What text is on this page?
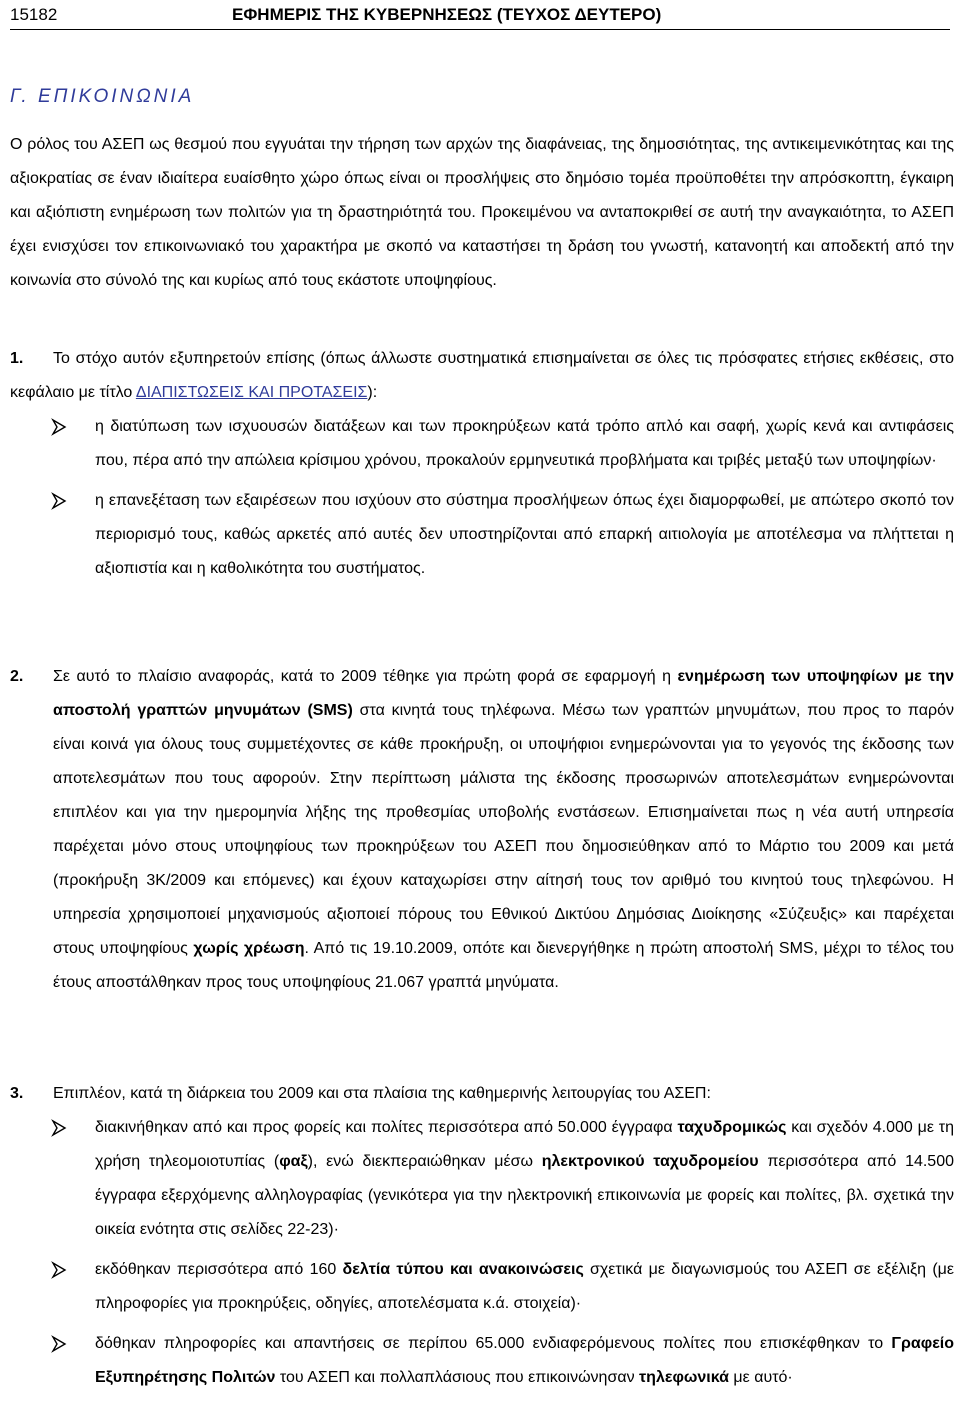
15182	ΕΦΗΜΕΡΙΣ ΤΗΣ ΚΥΒΕΡΝΗΣΕΩΣ (ΤΕΥΧΟΣ ΔΕΥΤΕΡΟ)
Γ. ΕΠΙΚΟΙΝΩΝΙΑ
Ο ρόλος του ΑΣΕΠ ως θεσμού που εγγυάται την τήρηση των αρχών της διαφάνειας, της δημοσιότητας, της αντικειμενικότητας και της αξιοκρατίας σε έναν ιδιαίτερα ευαίσθητο χώρο όπως είναι οι προσλήψεις στο δημόσιο τομέα προϋποθέτει την απρόσκοπτη, έγκαιρη και αξιόπιστη ενημέρωση των πολιτών για τη δραστηριότητά του. Προκειμένου να ανταποκριθεί σε αυτή την αναγκαιότητα, το ΑΣΕΠ έχει ενισχύσει τον επικοινωνιακό του χαρακτήρα με σκοπό να καταστήσει τη δράση του γνωστή, κατανοητή και αποδεκτή από την κοινωνία στο σύνολό της και κυρίως από τους εκάστοτε υποψηφίους.
1.	Το στόχο αυτόν εξυπηρετούν επίσης (όπως άλλωστε συστηματικά επισημαίνεται σε όλες τις πρόσφατες ετήσιες εκθέσεις, στο κεφάλαιο με τίτλο ΔΙΑΠΙΣΤΩΣΕΙΣ ΚΑΙ ΠΡΟΤΑΣΕΙΣ):
η διατύπωση των ισχυουσών διατάξεων και των προκηρύξεων κατά τρόπο απλό και σαφή, χωρίς κενά και αντιφάσεις που, πέρα από την απώλεια κρίσιμου χρόνου, προκαλούν ερμηνευτικά προβλήματα και τριβές μεταξύ των υποψηφίων·
η επανεξέταση των εξαιρέσεων που ισχύουν στο σύστημα προσλήψεων όπως έχει διαμορφωθεί, με απώτερο σκοπό τον περιορισμό τους, καθώς αρκετές από αυτές δεν υποστηρίζονται από επαρκή αιτιολογία με αποτέλεσμα να πλήττεται η αξιοπιστία και η καθολικότητα του συστήματος.
2. Σε αυτό το πλαίσιο αναφοράς, κατά το 2009 τέθηκε για πρώτη φορά σε εφαρμογή η ενημέρωση των υποψηφίων με την αποστολή γραπτών μηνυμάτων (SMS) στα κινητά τους τηλέφωνα. Μέσω των γραπτών μηνυμάτων, που προς το παρόν είναι κοινά για όλους τους συμμετέχοντες σε κάθε προκήρυξη, οι υποψήφιοι ενημερώνονται για το γεγονός της έκδοσης των αποτελεσμάτων που τους αφορούν. Στην περίπτωση μάλιστα της έκδοσης προσωρινών αποτελεσμάτων ενημερώνονται επιπλέον και για την ημερομηνία λήξης της προθεσμίας υποβολής ενστάσεων. Επισημαίνεται πως η νέα αυτή υπηρεσία παρέχεται μόνο στους υποψηφίους των προκηρύξεων του ΑΣΕΠ που δημοσιεύθηκαν από το Μάρτιο του 2009 και μετά (προκήρυξη 3Κ/2009 και επόμενες) και έχουν καταχωρίσει στην αίτησή τους τον αριθμό του κινητού τους τηλεφώνου. Η υπηρεσία χρησιμοποιεί μηχανισμούς αξιοποιεί πόρους του Εθνικού Δικτύου Δημόσιας Διοίκησης «Σύζευξις» και παρέχεται στους υποψηφίους χωρίς χρέωση. Από τις 19.10.2009, οπότε και διενεργήθηκε η πρώτη αποστολή SMS, μέχρι το τέλος του έτους αποστάλθηκαν προς τους υποψηφίους 21.067 γραπτά μηνύματα.
3. Επιπλέον, κατά τη διάρκεια του 2009 και στα πλαίσια της καθημερινής λειτουργίας του ΑΣΕΠ:
διακινήθηκαν από και προς φορείς και πολίτες περισσότερα από 50.000 έγγραφα ταχυδρομικώς και σχεδόν 4.000 με τη χρήση τηλεομοιοτυπίας (φαξ), ενώ διεκπεραιώθηκαν μέσω ηλεκτρονικού ταχυδρομείου περισσότερα από 14.500 έγγραφα εξερχόμενης αλληλογραφίας (γενικότερα για την ηλεκτρονική επικοινωνία με φορείς και πολίτες, βλ. σχετικά την οικεία ενότητα στις σελίδες 22-23)·
εκδόθηκαν περισσότερα από 160 δελτία τύπου και ανακοινώσεις σχετικά με διαγωνισμούς του ΑΣΕΠ σε εξέλιξη (με πληροφορίες για προκηρύξεις, οδηγίες, αποτελέσματα κ.ά. στοιχεία)·
δόθηκαν πληροφορίες και απαντήσεις σε περίπου 65.000 ενδιαφερόμενους πολίτες που επισκέφθηκαν το Γραφείο Εξυπηρέτησης Πολιτών του ΑΣΕΠ και πολλαπλάσιους που επικοινώνησαν τηλεφωνικά με αυτό·
